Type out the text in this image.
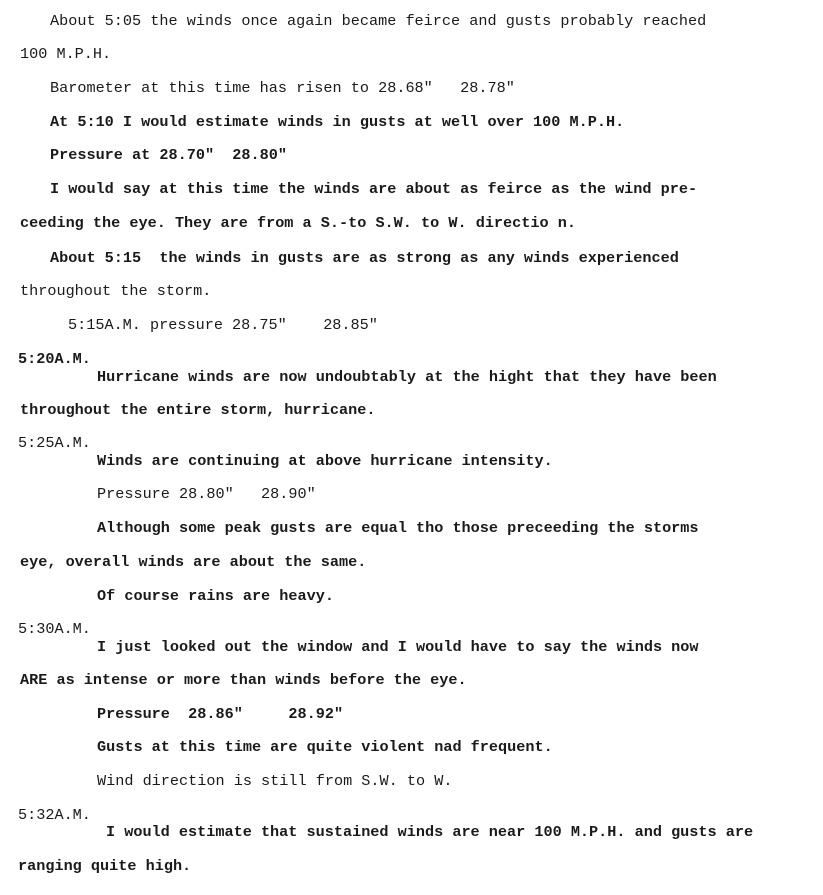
About 5:05 the winds once again became feirce and gusts probably reached
100 M.P.H.
Barometer at this time has risen to 28.68"   28.78"
At 5:10 I would estimate winds in gusts at well over 100 M.P.H.
Pressure at 28.70"  28.80"
I would say at this time the winds are about as feirce as the wind pre-
ceeding the eye. They are from a S.-to S.W. to W. directio n.
About 5:15  the winds in gusts are as strong as any winds experienced
throughout the storm.
5:15A.M. pressure 28.75"    28.85"
5:20A.M.
Hurricane winds are now undoubtably at the hight that they have been
throughout the entire storm, hurricane.
5:25A.M.
Winds are continuing at above hurricane intensity.
Pressure 28.80"   28.90"
Although some peak gusts are equal tho those preceeding the storms
eye, overall winds are about the same.
Of course rains are heavy.
5:30A.M.
I just looked out the window and I would have to say the winds now
ARE as intense or more than winds before the eye.
Pressure  28.86"     28.92"
Gusts at this time are quite violent nad frequent.
Wind direction is still from S.W. to W.
5:32A.M.
I would estimate that sustained winds are near 100 M.P.H. and gusts are
ranging quite high.
